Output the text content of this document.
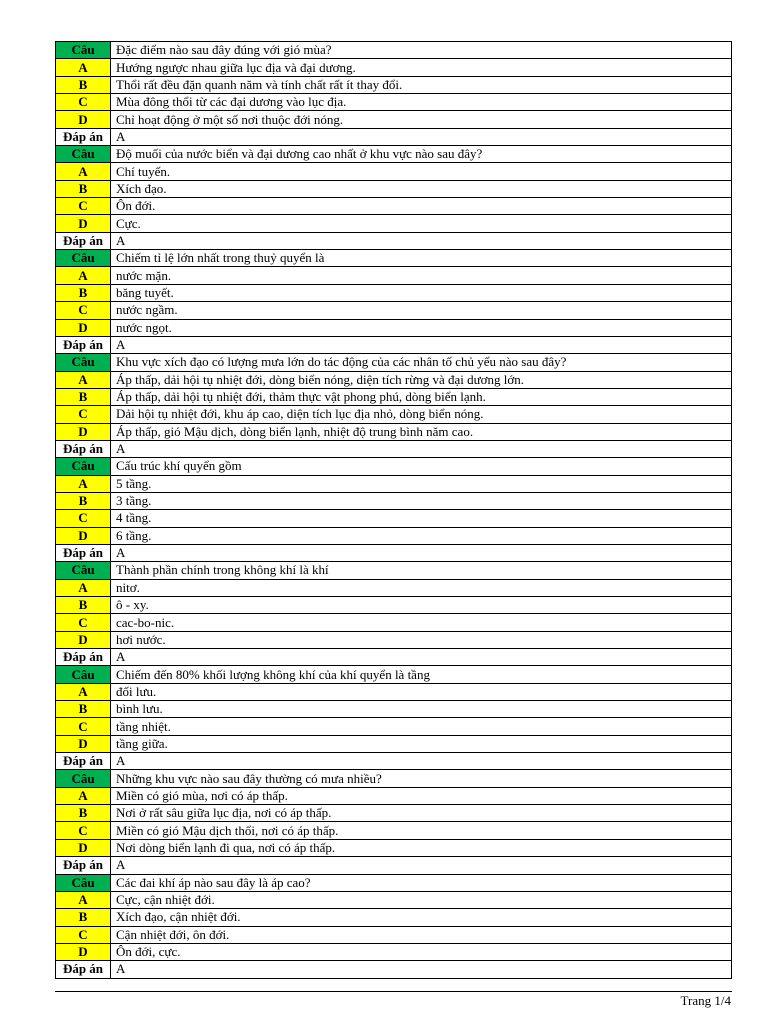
Câu	Đặc điểm nào sau đây đúng với gió mùa?
A	Hướng ngược nhau giữa lục địa và đại dương.
B	Thổi rất đều đặn quanh năm và tính chất rất ít thay đổi.
C	Mùa đông thổi từ các đại dương vào lục địa.
D	Chỉ hoạt động ở một số nơi thuộc đới nóng.
Đáp án	A
Câu	Độ muối của nước biển và đại dương cao nhất ở khu vực nào sau đây?
A	Chí tuyến.
B	Xích đạo.
C	Ôn đới.
D	Cực.
Đáp án	A
Câu	Chiếm tỉ lệ lớn nhất trong thuỷ quyển là
A	nước mặn.
B	băng tuyết.
C	nước ngầm.
D	nước ngọt.
Đáp án	A
Câu	Khu vực xích đạo có lượng mưa lớn do tác động của các nhân tố chủ yếu nào sau đây?
A	Áp thấp, dải hội tụ nhiệt đới, dòng biển nóng, diện tích rừng và đại dương lớn.
B	Áp thấp, dải hội tụ nhiệt đới, thảm thực vật phong phú, dòng biển lạnh.
C	Dải hội tụ nhiệt đới, khu áp cao, diện tích lục địa nhỏ, dòng biển nóng.
D	Áp thấp, gió Mậu dịch, dòng biển lạnh, nhiệt độ trung bình năm cao.
Đáp án	A
Câu	Cấu trúc khí quyển gồm
A	5 tầng.
B	3 tầng.
C	4 tầng.
D	6 tầng.
Đáp án	A
Câu	Thành phần chính trong không khí là khí
A	nitơ.
B	ô - xy.
C	cac-bo-nic.
D	hơi nước.
Đáp án	A
Câu	Chiếm đến 80% khối lượng không khí của khí quyển là tầng
A	đối lưu.
B	bình lưu.
C	tầng nhiệt.
D	tầng giữa.
Đáp án	A
Câu	Những khu vực nào sau đây thường có mưa nhiều?
A	Miền có gió mùa, nơi có áp thấp.
B	Nơi ở rất sâu giữa lục địa, nơi có áp thấp.
C	Miền có gió Mậu dịch thổi, nơi có áp thấp.
D	Nơi dòng biển lạnh đi qua, nơi có áp thấp.
Đáp án	A
Câu	Các đai khí áp nào sau đây là áp cao?
A	Cực, cận nhiệt đới.
B	Xích đạo, cận nhiệt đới.
C	Cận nhiệt đới, ôn đới.
D	Ôn đới, cực.
Đáp án	A
Trang 1/4
